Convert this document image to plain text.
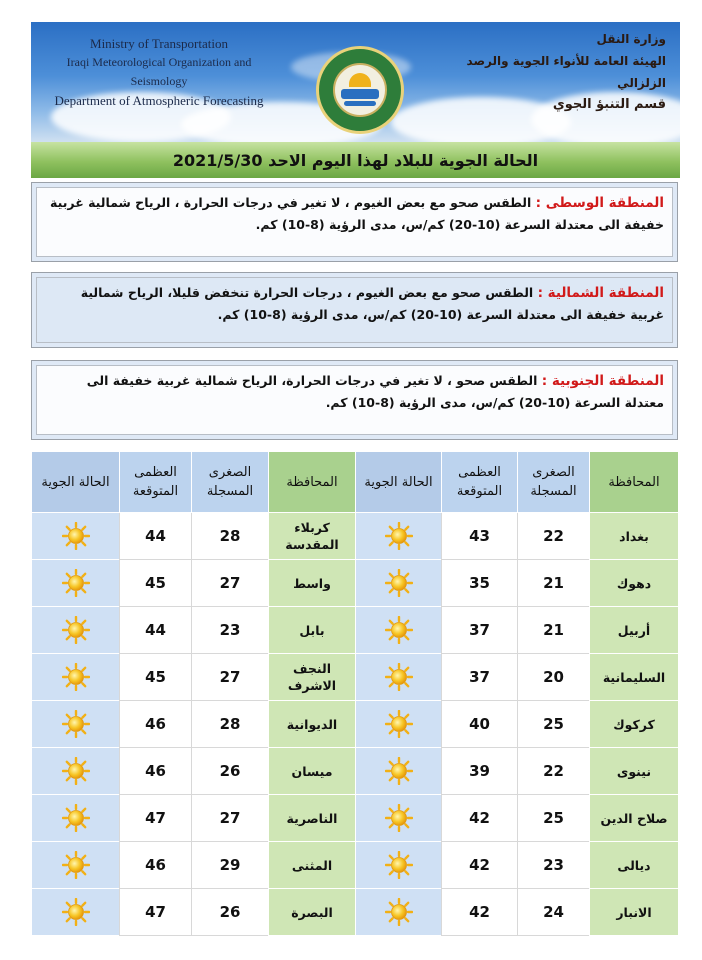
Ministry of Transportation
Iraqi Meteorological Organization and Seismology
Department of Atmospheric Forecasting
وزارة النقل
الهيئة العامة للأنواء الجوية والرصد الزلزالي
قسم التنبؤ الجوي
الحالة الجوية للبلاد لهذا اليوم الاحد 2021/5/30
المنطقة الوسطى : الطقس صحو مع بعض الغيوم ، لا تغير في درجات الحرارة ، الرياح شمالية غربية خفيفة الى معتدلة السرعة (10-20) كم/س، مدى الرؤية (8-10) كم.
المنطقة الشمالية : الطقس صحو مع بعض الغيوم ، درجات الحرارة تنخفض قليلا، الرياح شمالية غربية خفيفة الى معتدلة السرعة (10-20) كم/س، مدى الرؤية (8-10) كم.
المنطقة الجنوبية : الطقس صحو ، لا تغير في درجات الحرارة، الرياح شمالية غربية خفيفة الى معتدلة السرعة (10-20) كم/س، مدى الرؤية (8-10) كم.
المحافظة	الصغرى المسجلة	العظمى المتوقعة	الحالة الجوية	المحافظة	الصغرى المسجلة	العظمى المتوقعة	الحالة الجوية
بغداد	22	43		كربلاء المقدسة	28	44	
دهوك	21	35		واسط	27	45	
أربيل	21	37		بابل	23	44	
السليمانية	20	37		النجف الاشرف	27	45	
كركوك	25	40		الديوانية	28	46	
نينوى	22	39		ميسان	26	46	
صلاح الدين	25	42		الناصرية	27	47	
ديالى	23	42		المثنى	29	46	
الانبار	24	42		البصرة	26	47	
